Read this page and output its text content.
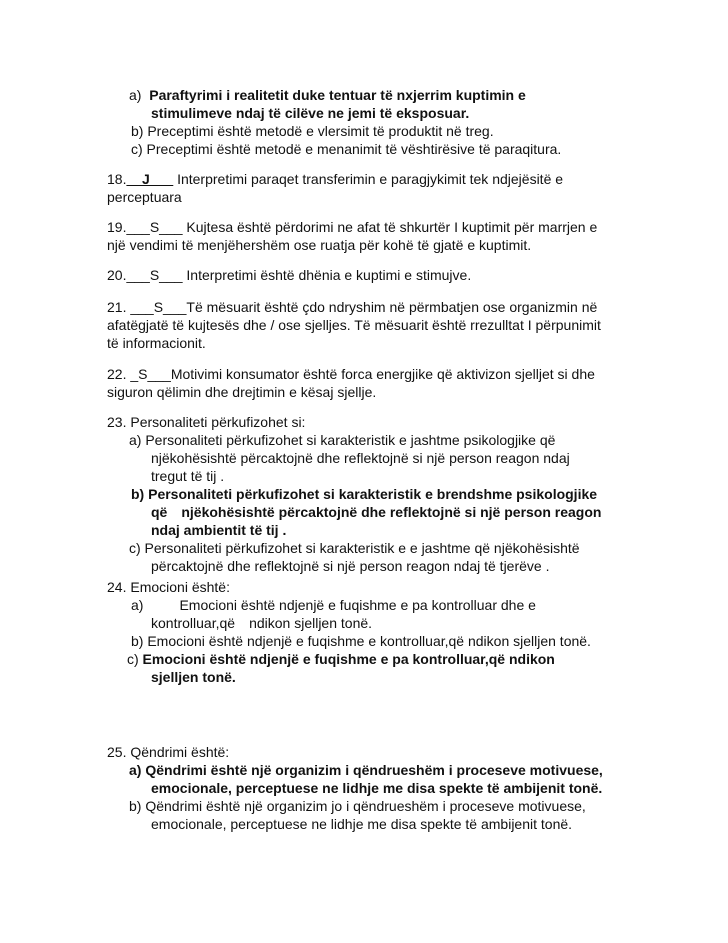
a) Paraftyrimi i realitetit duke tentuar të nxjerrim kuptimin e
stimulimeve ndaj të cilëve ne jemi të eksposuar.
b) Preceptimi është metodë e vlersimit të produktit në treg.
c) Preceptimi është metodë e menanimit të vështirësive të paraqitura.
18.__J___ Interpretimi paraqet transferimin e paragjykimit tek ndjejësitë e
perceptuara
19.___S___ Kujtesa është përdorimi ne afat të shkurtër I kuptimit për marrjen e
një vendimi të menjëhershëm ose ruatja për kohë të gjatë e kuptimit.
20.___S___ Interpretimi është dhënia e kuptimi e stimujve.
21. ___S___Të mësuarit është çdo ndryshim në përmbatjen ose organizmin në
afatëgjatë të kujtesës dhe / ose sjelljes. Të mësuarit është rrezulltat I përpunimit
të informacionit.
22. _S___Motivimi konsumator është forca energjike që aktivizon sjelljet si dhe
siguron qëlimin dhe drejtimin e kësaj sjellje.
23. Personaliteti përkufizohet si:
a) Personaliteti përkufizohet si karakteristik e jashtme psikologjike që
njëkohësishtë përcaktojnë dhe reflektojnë si një person reagon ndaj
tregut të tij .
b) Personaliteti përkufizohet si karakteristik e brendshme psikologjike
që njëkohësishtë përcaktojnë dhe reflektojnë si një person reagon
ndaj ambientit të tij .
c) Personaliteti përkufizohet si karakteristik e e jashtme që njëkohësishtë
përcaktojnë dhe reflektojnë si një person reagon ndaj të tjerëve .
24. Emocioni është:
a)	Emocioni është ndjenjë e fuqishme e pa kontrolluar dhe e
kontrolluar,që ndikon sjelljen tonë.
b) Emocioni është ndjenjë e fuqishme e kontrolluar,që ndikon sjelljen tonë.
c) Emocioni është ndjenjë e fuqishme e pa kontrolluar,që ndikon
sjelljen tonë.
25. Qëndrimi është:
a) Qëndrimi është një organizim i qëndrueshëm i proceseve motivuese,
emocionale, perceptuese ne lidhje me disa spekte të ambijenit tonë.
b) Qëndrimi është një organizim jo i qëndrueshëm i proceseve motivuese,
emocionale, perceptuese ne lidhje me disa spekte të ambijenit tonë.
